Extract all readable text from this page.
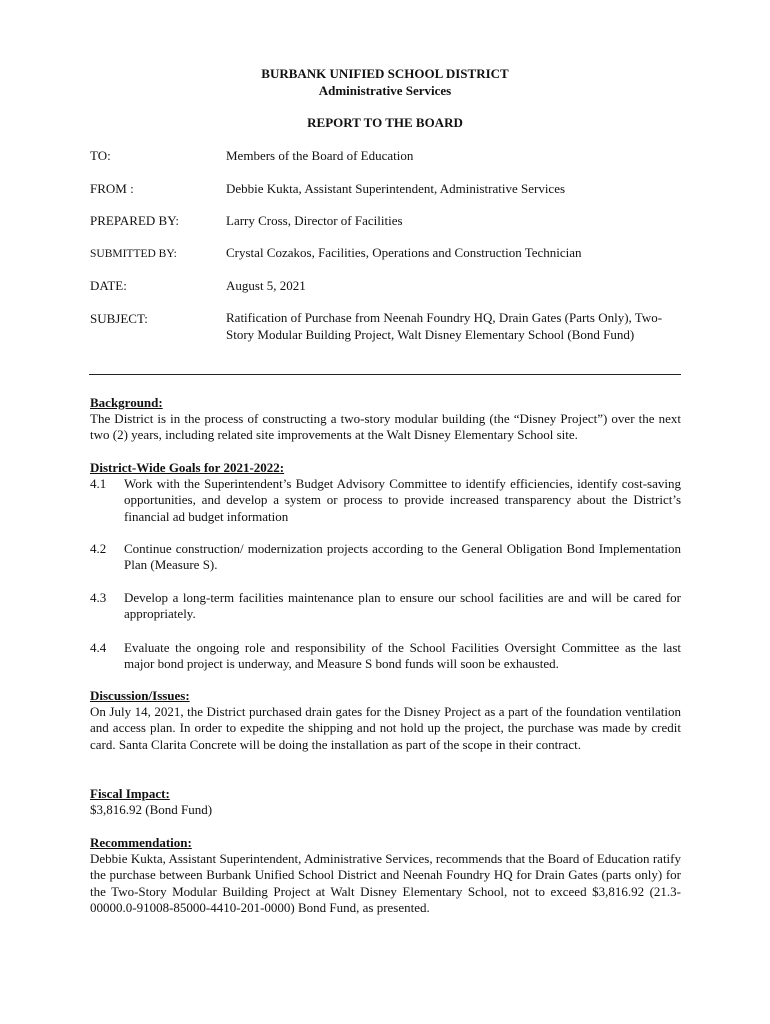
BURBANK UNIFIED SCHOOL DISTRICT
Administrative Services
REPORT TO THE BOARD
TO:	Members of the Board of Education
FROM :	Debbie Kukta, Assistant Superintendent, Administrative Services
PREPARED BY:	Larry Cross, Director of Facilities
SUBMITTED BY:	Crystal Cozakos, Facilities, Operations and Construction Technician
DATE:	August 5, 2021
SUBJECT:	Ratification of Purchase from Neenah Foundry HQ, Drain Gates (Parts Only), Two-Story Modular Building Project, Walt Disney Elementary School (Bond Fund)
Background:
The District is in the process of constructing a two-story modular building (the “Disney Project”) over the next two (2) years, including related site improvements at the Walt Disney Elementary School site.
District-Wide Goals for 2021-2022:
4.1 Work with the Superintendent’s Budget Advisory Committee to identify efficiencies, identify cost-saving opportunities, and develop a system or process to provide increased transparency about the District’s financial ad budget information
4.2 Continue construction/ modernization projects according to the General Obligation Bond Implementation Plan (Measure S).
4.3 Develop a long-term facilities maintenance plan to ensure our school facilities are and will be cared for appropriately.
4.4 Evaluate the ongoing role and responsibility of the School Facilities Oversight Committee as the last major bond project is underway, and Measure S bond funds will soon be exhausted.
Discussion/Issues:
On July 14, 2021, the District purchased drain gates for the Disney Project as a part of the foundation ventilation and access plan. In order to expedite the shipping and not hold up the project, the purchase was made by credit card. Santa Clarita Concrete will be doing the installation as part of the scope in their contract.
Fiscal Impact:
$3,816.92 (Bond Fund)
Recommendation:
Debbie Kukta, Assistant Superintendent, Administrative Services, recommends that the Board of Education ratify the purchase between Burbank Unified School District and Neenah Foundry HQ for Drain Gates (parts only) for the Two-Story Modular Building Project at Walt Disney Elementary School, not to exceed $3,816.92 (21.3-00000.0-91008-85000-4410-201-0000) Bond Fund, as presented.
